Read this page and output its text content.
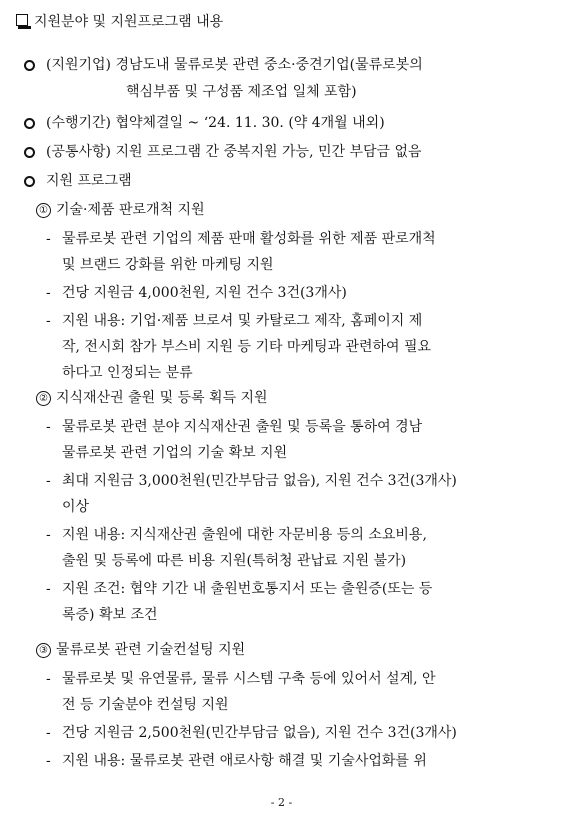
지원분야 및 지원프로그램 내용
(지원기업) 경남도내 물류로봇 관련 중소·중견기업(물류로봇의
핵심부품 및 구성품 제조업 일체 포함)
(수행기간) 협약체결일 ~ ‘24. 11. 30. (약 4개월 내외)
(공통사항) 지원 프로그램 간 중복지원 가능, 민간 부담금 없음
지원 프로그램
① 기술·제품 판로개척 지원
- 물류로봇 관련 기업의 제품 판매 활성화를 위한 제품 판로개척
및 브랜드 강화를 위한 마케팅 지원
- 건당 지원금 4,000천원, 지원 건수 3건(3개사)
- 지원 내용: 기업·제품 브로셔 및 카탈로그 제작, 홈페이지 제
작, 전시회 참가 부스비 지원 등 기타 마케팅과 관련하여 필요
하다고 인정되는 분류
② 지식재산권 출원 및 등록 획득 지원
- 물류로봇 관련 분야 지식재산권 출원 및 등록을 통하여 경남
물류로봇 관련 기업의 기술 확보 지원
- 최대 지원금 3,000천원(민간부담금 없음), 지원 건수 3건(3개사)
이상
- 지원 내용: 지식재산권 출원에 대한 자문비용 등의 소요비용,
출원 및 등록에 따른 비용 지원(특허청 관납료 지원 불가)
- 지원 조건: 협약 기간 내 출원번호통지서 또는 출원증(또는 등
록증) 확보 조건
③ 물류로봇 관련 기술컨설팅 지원
- 물류로봇 및 유연물류, 물류 시스템 구축 등에 있어서 설계, 안
전 등 기술분야 컨설팅 지원
- 건당 지원금 2,500천원(민간부담금 없음), 지원 건수 3건(3개사)
- 지원 내용: 물류로봇 관련 애로사항 해결 및 기술사업화를 위
- 2 -
